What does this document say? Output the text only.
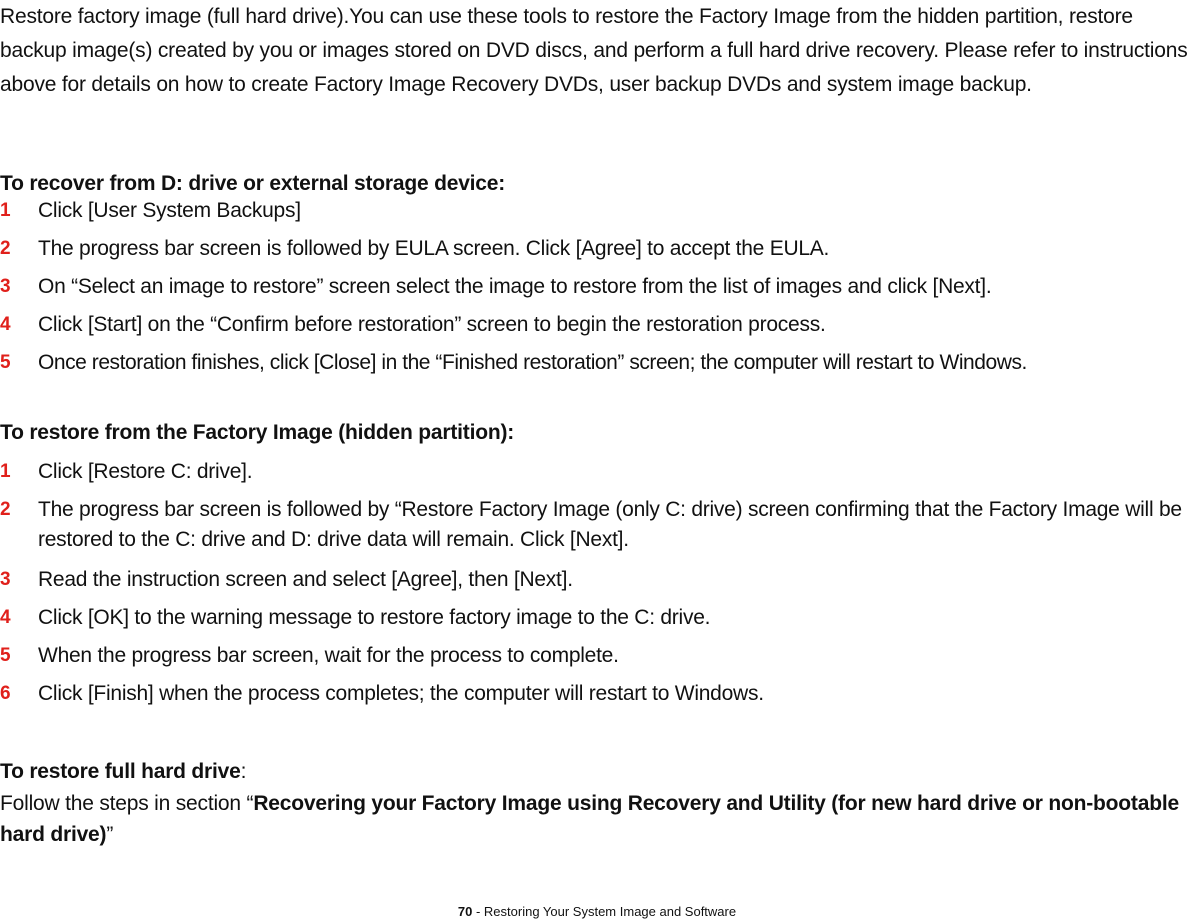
Restore factory image (full hard drive).You can use these tools to restore the Factory Image from the hidden partition, restore backup image(s) created by you or images stored on DVD discs, and perform a full hard drive recovery. Please refer to instructions above for details on how to create Factory Image Recovery DVDs, user backup DVDs and system image backup.

To recover from D: drive or external storage device:
1 Click [User System Backups]
2 The progress bar screen is followed by EULA screen. Click [Agree] to accept the EULA.
3 On “Select an image to restore” screen select the image to restore from the list of images and click [Next].
4 Click [Start] on the “Confirm before restoration” screen to begin the restoration process.
5 Once restoration finishes, click [Close] in the “Finished restoration” screen; the computer will restart to Windows.
To restore from the Factory Image (hidden partition):
1 Click [Restore C: drive].
2 The progress bar screen is followed by “Restore Factory Image (only C: drive) screen confirming that the Factory Image will be restored to the C: drive and D: drive data will remain. Click [Next].
3 Read the instruction screen and select [Agree], then [Next].
4 Click [OK] to the warning message to restore factory image to the C: drive.
5 When the progress bar screen, wait for the process to complete.
6 Click [Finish] when the process completes; the computer will restart to Windows.
To restore full hard drive:

Follow the steps in section “Recovering your Factory Image using Recovery and Utility (for new hard drive or non-bootable hard drive)”

70 - Restoring Your System Image and Software
